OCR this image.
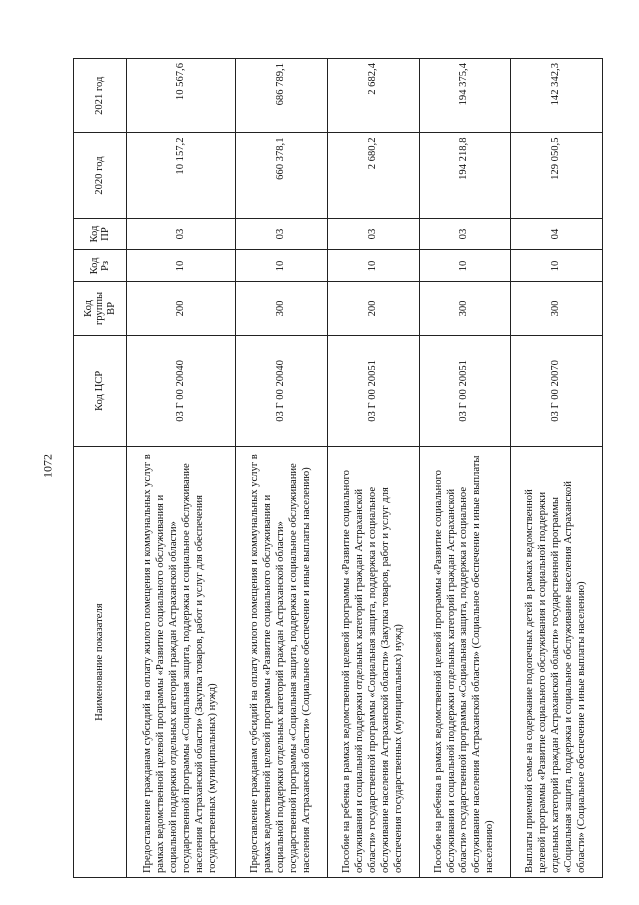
1072
Наименование показателя	Код ЦСР	Код группы ВР	Код Рз	Код ПР	2020 год	2021 год
Предоставление гражданам субсидий на оплату жилого помещения и коммунальных услуг в рамках ведомственной целевой программы «Развитие социального обслуживания и социальной поддержки отдельных категорий граждан Астраханской области» государственной программы «Социальная защита, поддержка и социальное обслуживание населения Астраханской области» (Закупка товаров, работ и услуг для обеспечения государственных (муниципальных) нужд)	03 Г 00 20040	200	10	03	10 157,2	10 567,6
Предоставление гражданам субсидий на оплату жилого помещения и коммунальных услуг в рамках ведомственной целевой программы «Развитие социального обслуживания и социальной поддержки отдельных категорий граждан Астраханской области» государственной программы «Социальная защита, поддержка и социальное обслуживание населения Астраханской области» (Социальное обеспечение и иные выплаты населению)	03 Г 00 20040	300	10	03	660 378,1	686 789,1
Пособие на ребенка в рамках ведомственной целевой программы «Развитие социального обслуживания и социальной поддержки отдельных категорий граждан Астраханской области» государственной программы «Социальная защита, поддержка и социальное обслуживание населения Астраханской области» (Закупка товаров, работ и услуг для обеспечения государственных (муниципальных) нужд)	03 Г 00 20051	200	10	03	2 680,2	2 682,4
Пособие на ребенка в рамках ведомственной целевой программы «Развитие социального обслуживания и социальной поддержки отдельных категорий граждан Астраханской области» государственной программы «Социальная защита, поддержка и социальное обслуживание населения Астраханской области» (Социальное обеспечение и иные выплаты населению)	03 Г 00 20051	300	10	03	194 218,8	194 375,4
Выплаты приемной семье на содержание подопечных детей в рамках ведомственной целевой программы «Развитие социального обслуживания и социальной поддержки отдельных категорий граждан Астраханской области» государственной программы «Социальная защита, поддержка и социальное обслуживание населения Астраханской области» (Социальное обеспечение и иные выплаты населению)	03 Г 00 20070	300	10	04	129 050,5	142 342,3
